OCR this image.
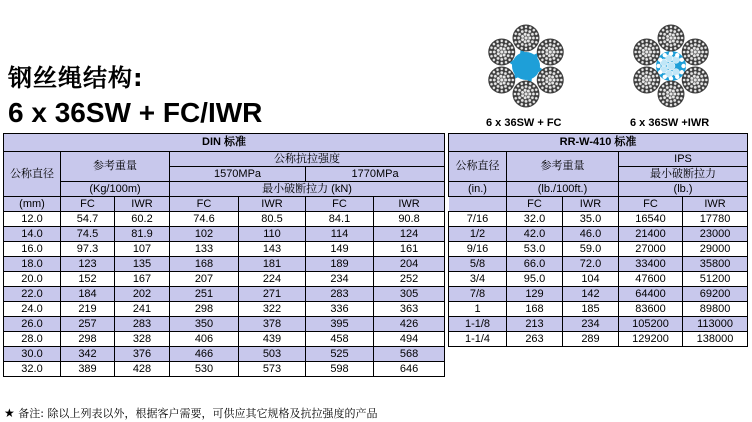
钢丝绳结构:
6 x 36SW + FC/IWR	6 x 36SW + FC	6 x 36SW +IWR
DIN 标准						
公称直径	参考重量		公称抗拉强度			
			1570MPa		1770MPa	
	(Kg/100m)		最小破断拉力 (kN)			
(mm)	FC	IWR	FC	IWR	FC	IWR
12.0	54.7	60.2	74.6	80.5	84.1	90.8
14.0	74.5	81.9	102	110	114	124
16.0	97.3	107	133	143	149	161
18.0	123	135	168	181	189	204
20.0	152	167	207	224	234	252
22.0	184	202	251	271	283	305
24.0	219	241	298	322	336	363
26.0	257	283	350	378	395	426
28.0	298	328	406	439	458	494
30.0	342	376	466	503	525	568
32.0	389	428	530	573	598	646
RR-W-410 标准				
公称直径	参考重量		IPS	
			最小破断拉力	
(in.)	(lb./100ft.)		(lb.)	
	FC	IWR	FC	IWR
7/16	32.0	35.0	16540	17780
1/2	42.0	46.0	21400	23000
9/16	53.0	59.0	27000	29000
5/8	66.0	72.0	33400	35800
3/4	95.0	104	47600	51200
7/8	129	142	64400	69200
1	168	185	83600	89800
1-1/8	213	234	105200	113000
1-1/4	263	289	129200	138000
★ 备注: 除以上列表以外，根据客户需要，可供应其它规格及抗拉强度的产品
